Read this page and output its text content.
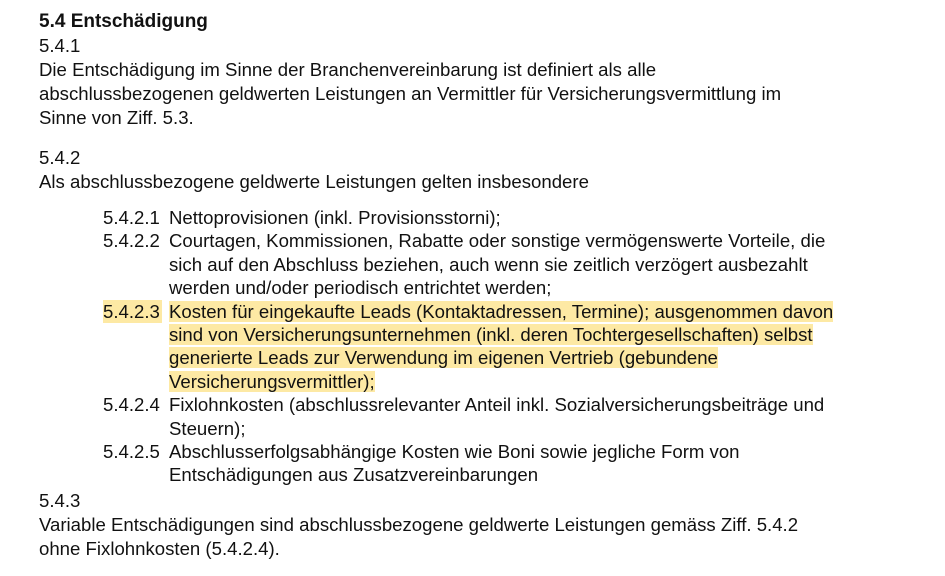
5.4 Entschädigung
5.4.1
Die Entschädigung im Sinne der Branchenvereinbarung ist definiert als alle
abschlussbezogenen geldwerten Leistungen an Vermittler für Versicherungsvermittlung im
Sinne von Ziff. 5.3.
5.4.2
Als abschlussbezogene geldwerte Leistungen gelten insbesondere
5.4.2.1 Nettoprovisionen (inkl. Provisionsstorni);
5.4.2.2 Courtagen, Kommissionen, Rabatte oder sonstige vermögenswerte Vorteile, die
sich auf den Abschluss beziehen, auch wenn sie zeitlich verzögert ausbezahlt
werden und/oder periodisch entrichtet werden;
5.4.2.3 Kosten für eingekaufte Leads (Kontaktadressen, Termine); ausgenommen davon
sind von Versicherungsunternehmen (inkl. deren Tochtergesellschaften) selbst
generierte Leads zur Verwendung im eigenen Vertrieb (gebundene
Versicherungsvermittler);
5.4.2.4 Fixlohnkosten (abschlussrelevanter Anteil inkl. Sozialversicherungsbeiträge und
Steuern);
5.4.2.5 Abschlusserfolgsabhängige Kosten wie Boni sowie jegliche Form von
Entschädigungen aus Zusatzvereinbarungen
5.4.3
Variable Entschädigungen sind abschlussbezogene geldwerte Leistungen gemäss Ziff. 5.4.2
ohne Fixlohnkosten (5.4.2.4).
